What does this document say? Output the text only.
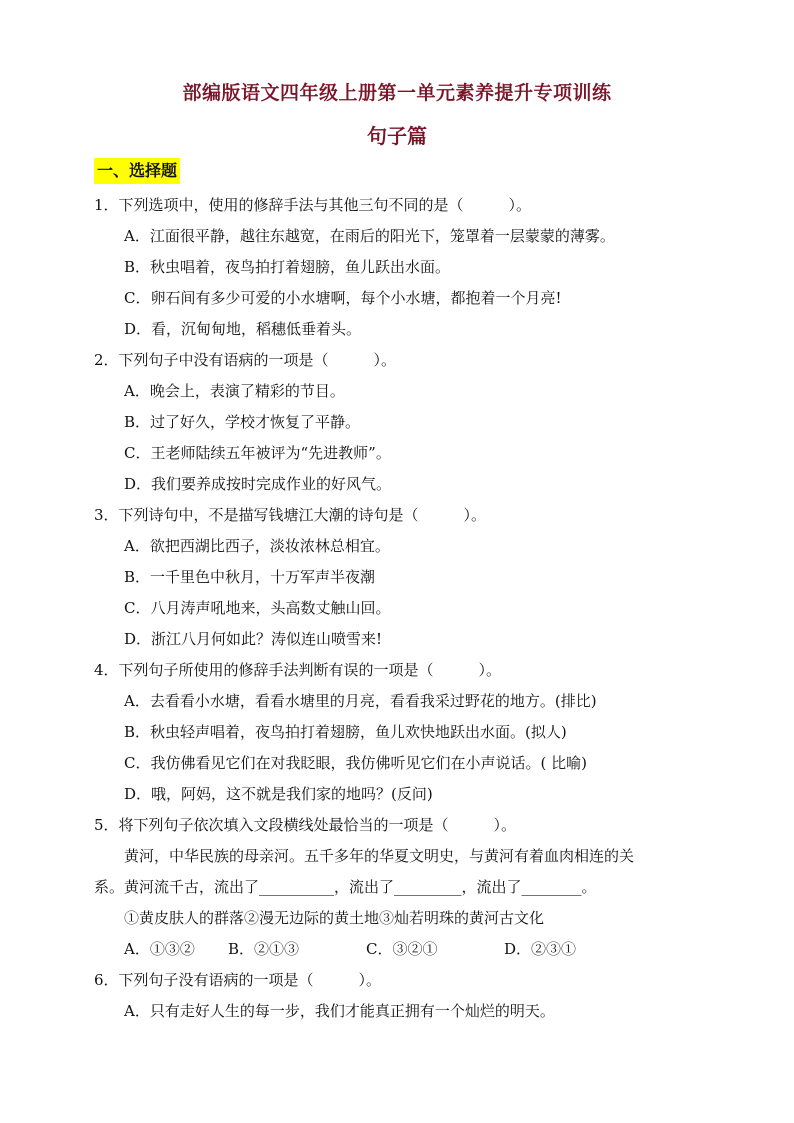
部编版语文四年级上册第一单元素养提升专项训练
句子篇
一、选择题
1．下列选项中，使用的修辞手法与其他三句不同的是（　　　）。
A．江面很平静，越往东越宽，在雨后的阳光下，笼罩着一层蒙蒙的薄雾。
B．秋虫唱着，夜鸟拍打着翅膀，鱼儿跃出水面。
C．卵石间有多少可爱的小水塘啊，每个小水塘，都抱着一个月亮!
D．看，沉甸甸地，稻穗低垂着头。
2．下列句子中没有语病的一项是（　　　）。
A．晚会上，表演了精彩的节目。
B．过了好久，学校才恢复了平静。
C．王老师陆续五年被评为“先进教师”。
D．我们要养成按时完成作业的好风气。
3．下列诗句中，不是描写钱塘江大潮的诗句是（　　　）。
A．欲把西湖比西子，淡妆浓林总相宜。
B．一千里色中秋月，十万军声半夜潮
C．八月涛声吼地来，头高数丈触山回。
D．浙江八月何如此？涛似连山喷雪来!
4．下列句子所使用的修辞手法判断有误的一项是（　　　）。
A．去看看小水塘，看看水塘里的月亮，看看我采过野花的地方。(排比)
B．秋虫轻声唱着，夜鸟拍打着翅膀，鱼儿欢快地跃出水面。(拟人)
C．我仿佛看见它们在对我眨眼，我仿佛听见它们在小声说话。( 比喻)
D．哦，阿妈，这不就是我们家的地吗？(反问)
5．将下列句子依次填入文段横线处最恰当的一项是（　　　）。
黄河，中华民族的母亲河。五千多年的华夏文明史，与黄河有着血肉相连的关
系。黄河流千古，流出了__________，流出了_________，流出了________。
①黄皮肤人的群落②漫无边际的黄土地③灿若明珠的黄河古文化
A．①③② B．②①③	C．③②①	D．②③①
6．下列句子没有语病的一项是（　　　）。
A．只有走好人生的每一步，我们才能真正拥有一个灿烂的明天。
